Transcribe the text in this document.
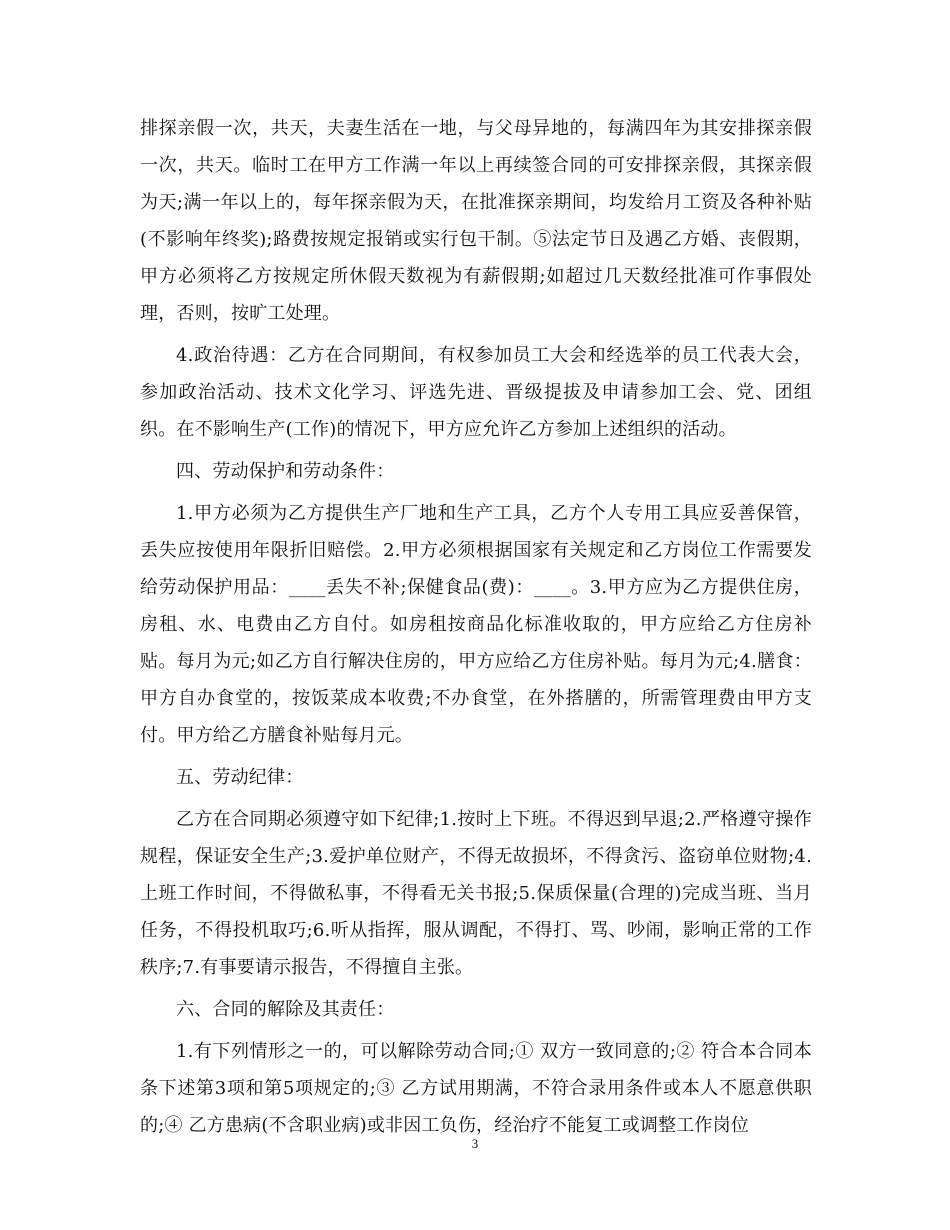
排探亲假一次，共天，夫妻生活在一地，与父母异地的，每满四年为其安排探亲假一次，共天。临时工在甲方工作满一年以上再续签合同的可安排探亲假，其探亲假为天;满一年以上的，每年探亲假为天，在批准探亲期间，均发给月工资及各种补贴(不影响年终奖);路费按规定报销或实行包干制。⑤法定节日及遇乙方婚、丧假期，甲方必须将乙方按规定所休假天数视为有薪假期;如超过几天数经批准可作事假处理，否则，按旷工处理。

4.政治待遇：乙方在合同期间，有权参加员工大会和经选举的员工代表大会，参加政治活动、技术文化学习、评选先进、晋级提拔及申请参加工会、党、团组织。在不影响生产(工作)的情况下，甲方应允许乙方参加上述组织的活动。

四、劳动保护和劳动条件：

1.甲方必须为乙方提供生产厂地和生产工具，乙方个人专用工具应妥善保管，丢失应按使用年限折旧赔偿。2.甲方必须根据国家有关规定和乙方岗位工作需要发给劳动保护用品：____丢失不补;保健食品(费)：____。3.甲方应为乙方提供住房，房租、水、电费由乙方自付。如房租按商品化标准收取的，甲方应给乙方住房补贴。每月为元;如乙方自行解决住房的，甲方应给乙方住房补贴。每月为元;4.膳食：甲方自办食堂的，按饭菜成本收费;不办食堂，在外搭膳的，所需管理费由甲方支付。甲方给乙方膳食补贴每月元。

五、劳动纪律：

乙方在合同期必须遵守如下纪律;1.按时上下班。不得迟到早退;2.严格遵守操作规程，保证安全生产;3.爱护单位财产，不得无故损坏，不得贪污、盗窃单位财物;4.上班工作时间，不得做私事，不得看无关书报;5.保质保量(合理的)完成当班、当月任务，不得投机取巧;6.听从指挥，服从调配，不得打、骂、吵闹，影响正常的工作秩序;7.有事要请示报告，不得擅自主张。

六、合同的解除及其责任：

1.有下列情形之一的，可以解除劳动合同;① 双方一致同意的;② 符合本合同本条下述第3项和第5项规定的;③ 乙方试用期满，不符合录用条件或本人不愿意供职的;④ 乙方患病(不含职业病)或非因工负伤，经治疗不能复工或调整工作岗位

3
